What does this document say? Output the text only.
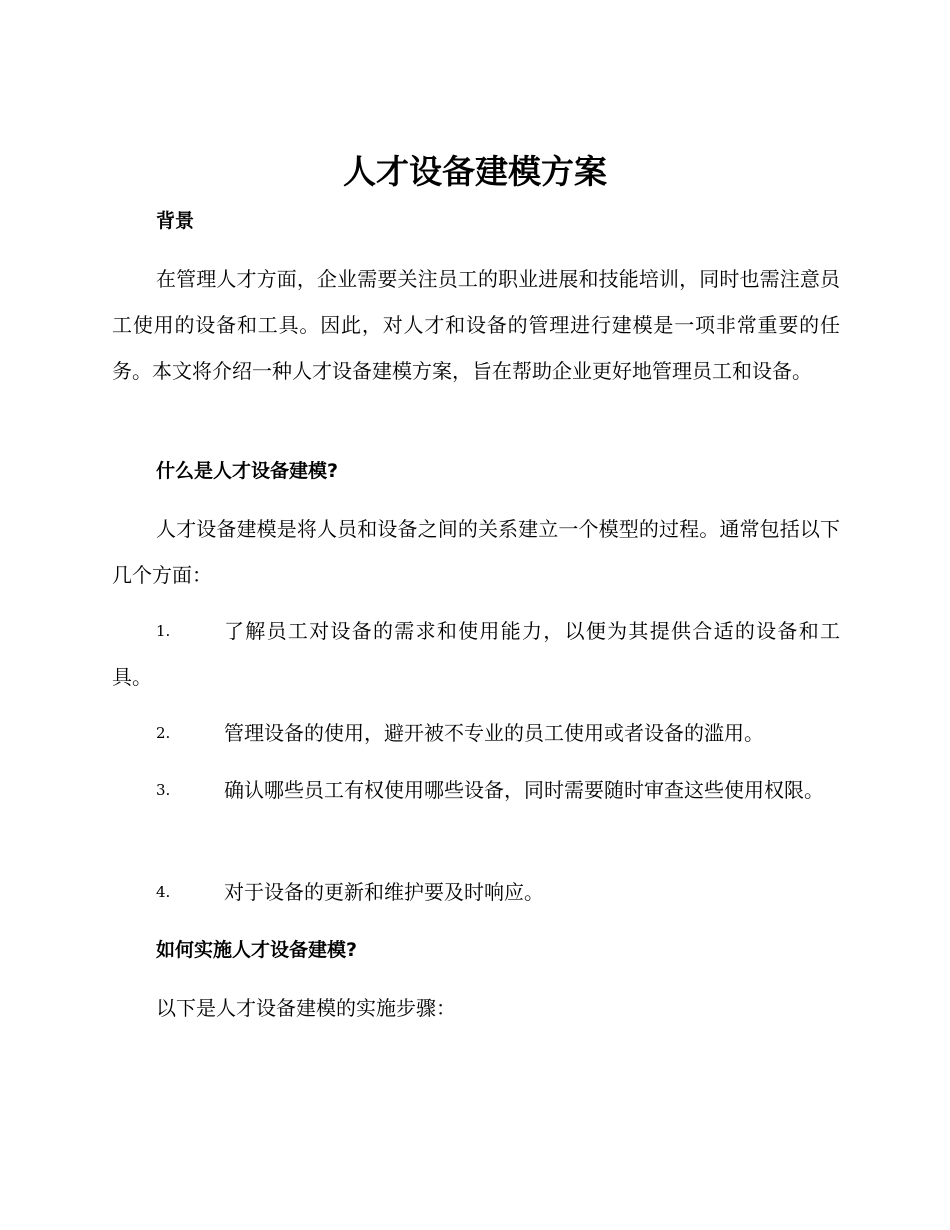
人才设备建模方案
背景

在管理人才方面，企业需要关注员工的职业进展和技能培训，同时也需注意员工使用的设备和工具。因此，对人才和设备的管理进行建模是一项非常重要的任务。本文将介绍一种人才设备建模方案，旨在帮助企业更好地管理员工和设备。

什么是人才设备建模?

人才设备建模是将人员和设备之间的关系建立一个模型的过程。通常包括以下几个方面：

1.	了解员工对设备的需求和使用能力，以便为其提供合适的设备和工具。

2.	管理设备的使用，避开被不专业的员工使用或者设备的滥用。

3.	确认哪些员工有权使用哪些设备，同时需要随时审查这些使用权限。

4.	对于设备的更新和维护要及时响应。

如何实施人才设备建模?

以下是人才设备建模的实施步骤：
